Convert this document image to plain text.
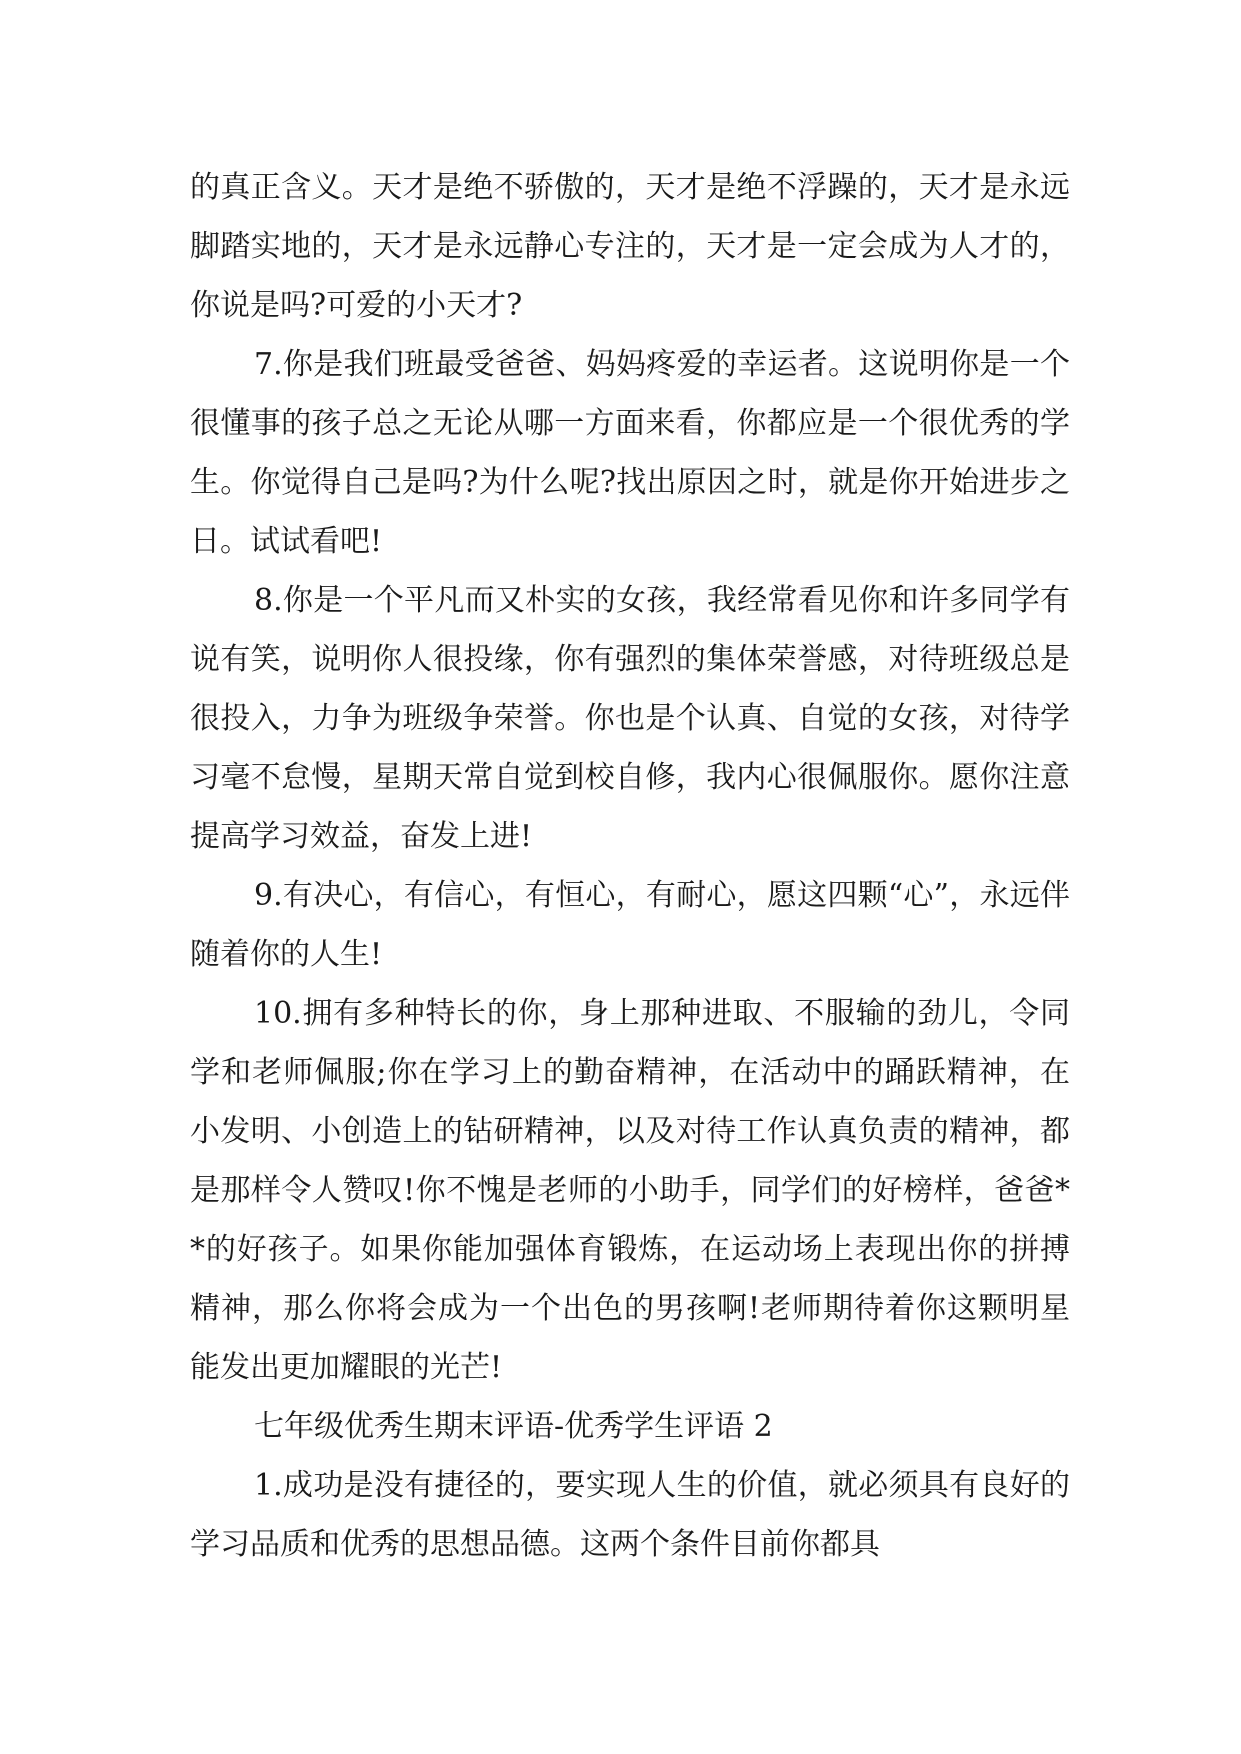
的真正含义。天才是绝不骄傲的，天才是绝不浮躁的，天才是永远脚踏实地的，天才是永远静心专注的，天才是一定会成为人才的，你说是吗?可爱的小天才?

7.你是我们班最受爸爸、妈妈疼爱的幸运者。这说明你是一个很懂事的孩子总之无论从哪一方面来看，你都应是一个很优秀的学生。你觉得自己是吗?为什么呢?找出原因之时，就是你开始进步之日。试试看吧!

8.你是一个平凡而又朴实的女孩，我经常看见你和许多同学有说有笑，说明你人很投缘，你有强烈的集体荣誉感，对待班级总是很投入，力争为班级争荣誉。你也是个认真、自觉的女孩，对待学习毫不怠慢，星期天常自觉到校自修，我内心很佩服你。愿你注意提高学习效益，奋发上进!

9.有决心，有信心，有恒心，有耐心，愿这四颗“心”，永远伴随着你的人生!

10.拥有多种特长的你，身上那种进取、不服输的劲儿，令同学和老师佩服;你在学习上的勤奋精神，在活动中的踊跃精神，在小发明、小创造上的钻研精神，以及对待工作认真负责的精神，都是那样令人赞叹!你不愧是老师的小助手，同学们的好榜样，爸爸**的好孩子。如果你能加强体育锻炼，在运动场上表现出你的拼搏精神，那么你将会成为一个出色的男孩啊!老师期待着你这颗明星能发出更加耀眼的光芒!

七年级优秀生期末评语-优秀学生评语 2

1.成功是没有捷径的，要实现人生的价值，就必须具有良好的学习品质和优秀的思想品德。这两个条件目前你都具
